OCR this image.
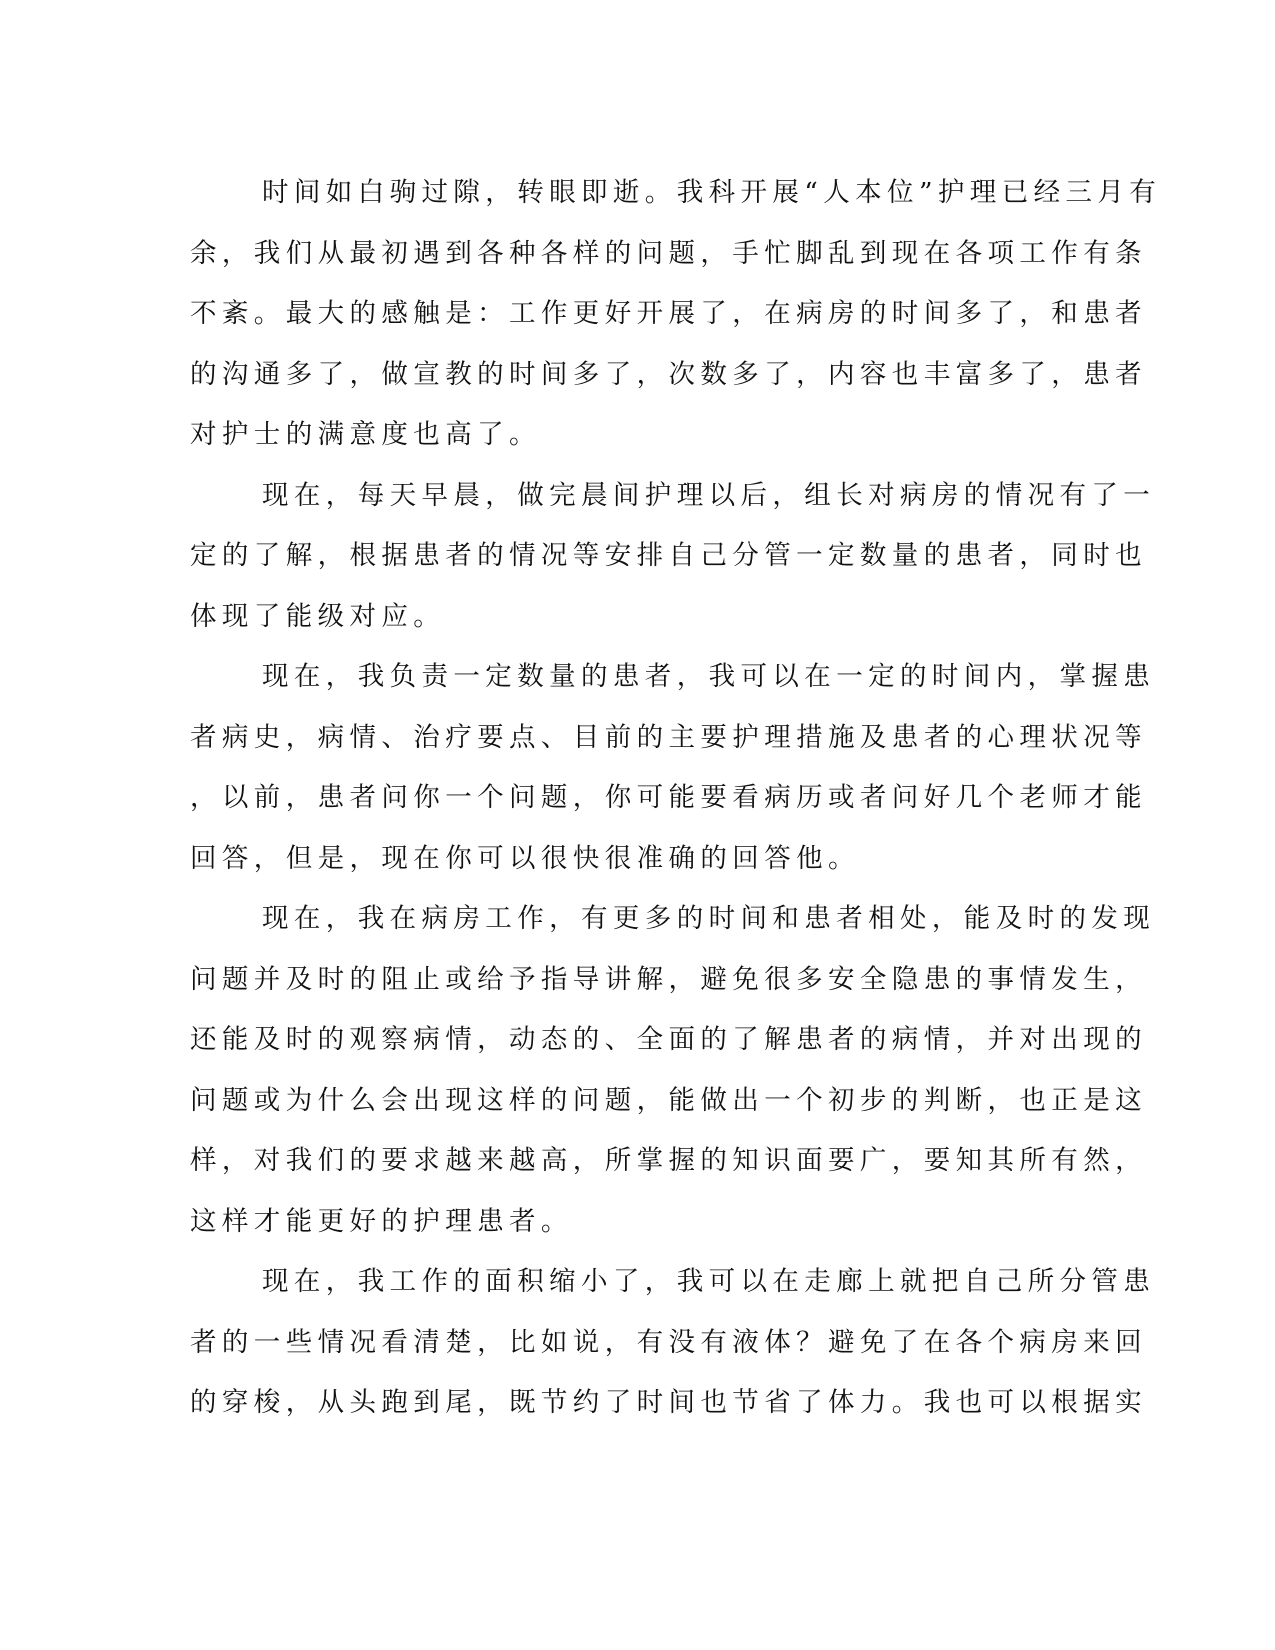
时间如白驹过隙，转眼即逝。我科开展“人本位”护理已经三月有
余，我们从最初遇到各种各样的问题，手忙脚乱到现在各项工作有条
不紊。最大的感触是：工作更好开展了，在病房的时间多了，和患者
的沟通多了，做宣教的时间多了，次数多了，内容也丰富多了，患者
对护士的满意度也高了。
现在，每天早晨，做完晨间护理以后，组长对病房的情况有了一
定的了解，根据患者的情况等安排自己分管一定数量的患者，同时也
体现了能级对应。
现在，我负责一定数量的患者，我可以在一定的时间内，掌握患
者病史，病情、治疗要点、目前的主要护理措施及患者的心理状况等
，以前，患者问你一个问题，你可能要看病历或者问好几个老师才能
回答，但是，现在你可以很快很准确的回答他。
现在，我在病房工作，有更多的时间和患者相处，能及时的发现
问题并及时的阻止或给予指导讲解，避免很多安全隐患的事情发生，
还能及时的观察病情，动态的、全面的了解患者的病情，并对出现的
问题或为什么会出现这样的问题，能做出一个初步的判断，也正是这
样，对我们的要求越来越高，所掌握的知识面要广，要知其所有然，
这样才能更好的护理患者。
现在，我工作的面积缩小了，我可以在走廊上就把自己所分管患
者的一些情况看清楚，比如说，有没有液体？避免了在各个病房来回
的穿梭，从头跑到尾，既节约了时间也节省了体力。我也可以根据实
